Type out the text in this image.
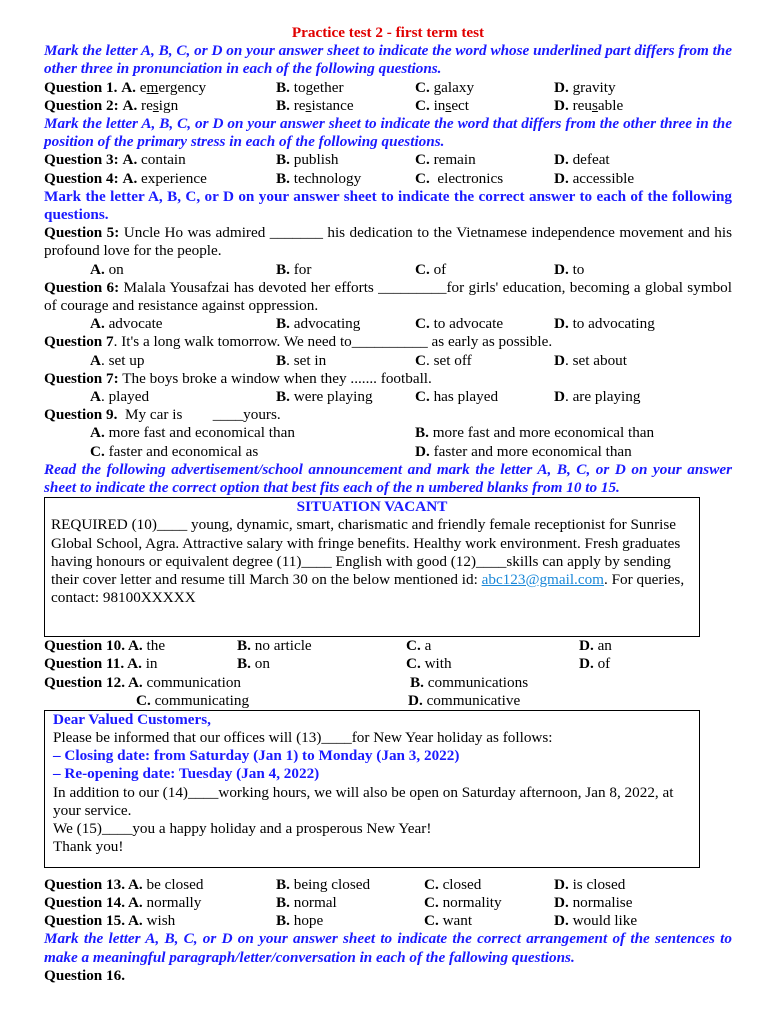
Practice test 2 - first term test
Mark the letter A, B, C, or D on your answer sheet to indicate the word whose underlined part differs from the other three in pronunciation in each of the following questions.
Question 1. A. emergency	B. together	C. galaxy	D. gravity
Question 2: A. resign	B. resistance	C. insect	D. reusable
Mark the letter A, B, C, or D on your answer sheet to indicate the word that differs from the other three in the position of the primary stress in each of the following questions.
Question 3: A. contain	B. publish	C. remain	D. defeat
Question 4: A. experience	B. technology	C. electronics	D. accessible
Mark the letter A, B, C, or D on your answer sheet to indicate the correct answer to each of the following questions.
Question 5: Uncle Ho was admired _______ his dedication to the Vietnamese independence movement and his profound love for the people.
A. on	B. for	C. of	D. to
Question 6: Malala Yousafzai has devoted her efforts _________for girls' education, becoming a global symbol of courage and resistance against oppression.
A. advocate	B. advocating	C. to advocate	D. to advocating
Question 7. It's a long walk tomorrow. We need to__________ as early as possible.
A. set up	B. set in	C. set off	D. set about
Question 7: The boys broke a window when they ....... football.
A. played	B. were playing	C. has played	D. are playing
Question 9. My car is        ____yours.
A. more fast and economical than	B. more fast and more economical than
C. faster and economical as	D. faster and more economical than
Read the following advertisement/school announcement and mark the letter A, B, C, or D on your answer sheet to indicate the correct option that best fits each of the n umbered blanks from 10 to 15.
SITUATION VACANT
REQUIRED (10)____ young, dynamic, smart, charismatic and friendly female receptionist for Sunrise Global School, Agra. Attractive salary with fringe benefits. Healthy work environment. Fresh graduates having honours or equivalent degree (11)____ English with good (12)____skills can apply by sending their cover letter and resume till March 30 on the below mentioned id: abc123@gmail.com. For queries, contact: 98100XXXXX
Question 10. A. the	B. no article	C. a	D. an
Question 11. A. in	B. on	C. with	D. of
Question 12. A. communication	B. communications
C. communicating	D. communicative
Dear Valued Customers,
Please be informed that our offices will (13)____for New Year holiday as follows:
– Closing date: from Saturday (Jan 1) to Monday (Jan 3, 2022)
– Re-opening date: Tuesday (Jan 4, 2022)
In addition to our (14)____working hours, we will also be open on Saturday afternoon, Jan 8, 2022, at your service.
We (15)____you a happy holiday and a prosperous New Year!
Thank you!
Question 13. A. be closed	B. being closed	C. closed	D. is closed
Question 14. A. normally	B. normal	C. normality	D. normalise
Question 15. A. wish	B. hope	C. want	D. would like
Mark the letter A, B, C, or D on your answer sheet to indicate the correct arrangement of the sentences to make a meaningful paragraph/letter/conversation in each of the fallowing questions.
Question 16.
